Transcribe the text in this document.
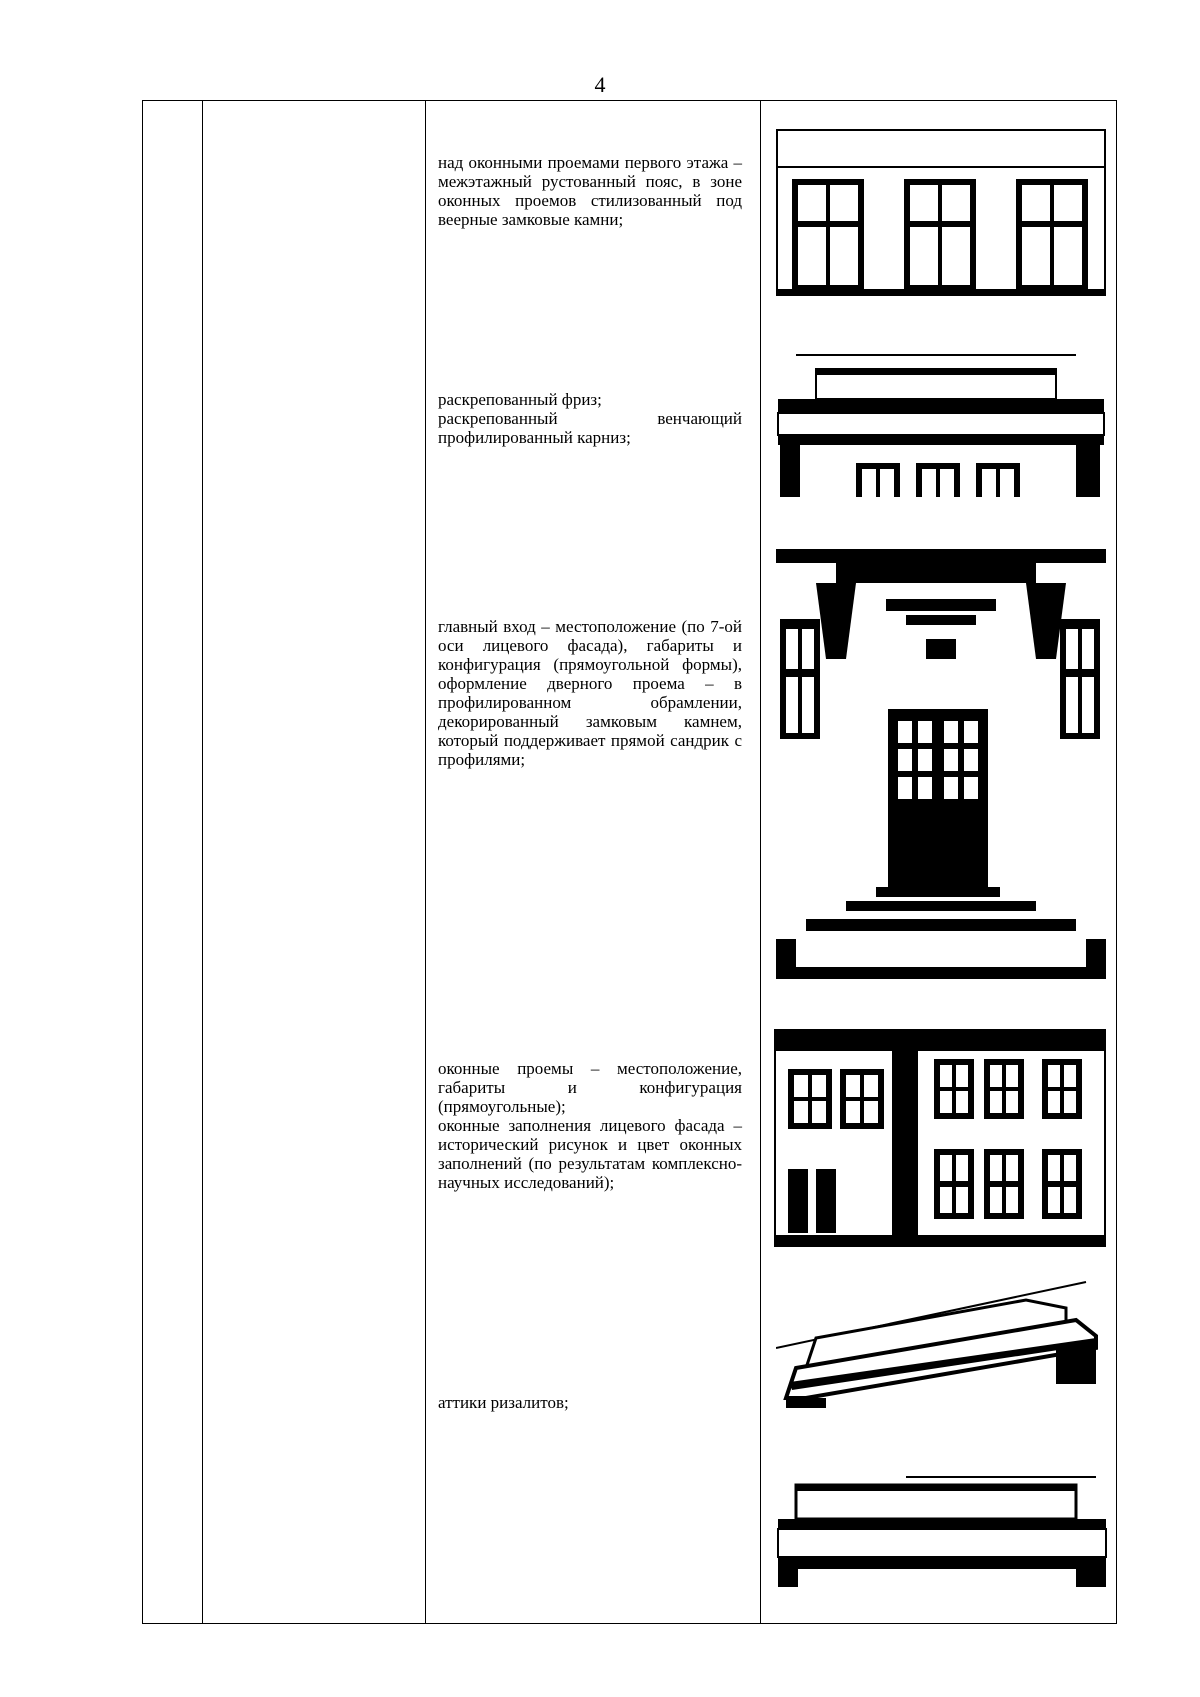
4
над оконными проемами первого этажа – межэтажный рустованный пояс, в зоне оконных проемов стилизованный под веерные замковые камни;
раскрепованный фриз;
раскрепованный венчающий профилированный карниз;
главный вход – местоположение (по 7-ой оси лицевого фасада), габариты и конфигурация (прямоугольной формы), оформление дверного проема – в профилированном обрамлении, декорированный замковым камнем, который поддерживает прямой сандрик с профилями;
оконные проемы – местоположение, габариты и конфигурация (прямоугольные);
оконные заполнения лицевого фасада – исторический рисунок и цвет оконных заполнений (по результатам комплексно-научных исследований);
аттики ризалитов;
